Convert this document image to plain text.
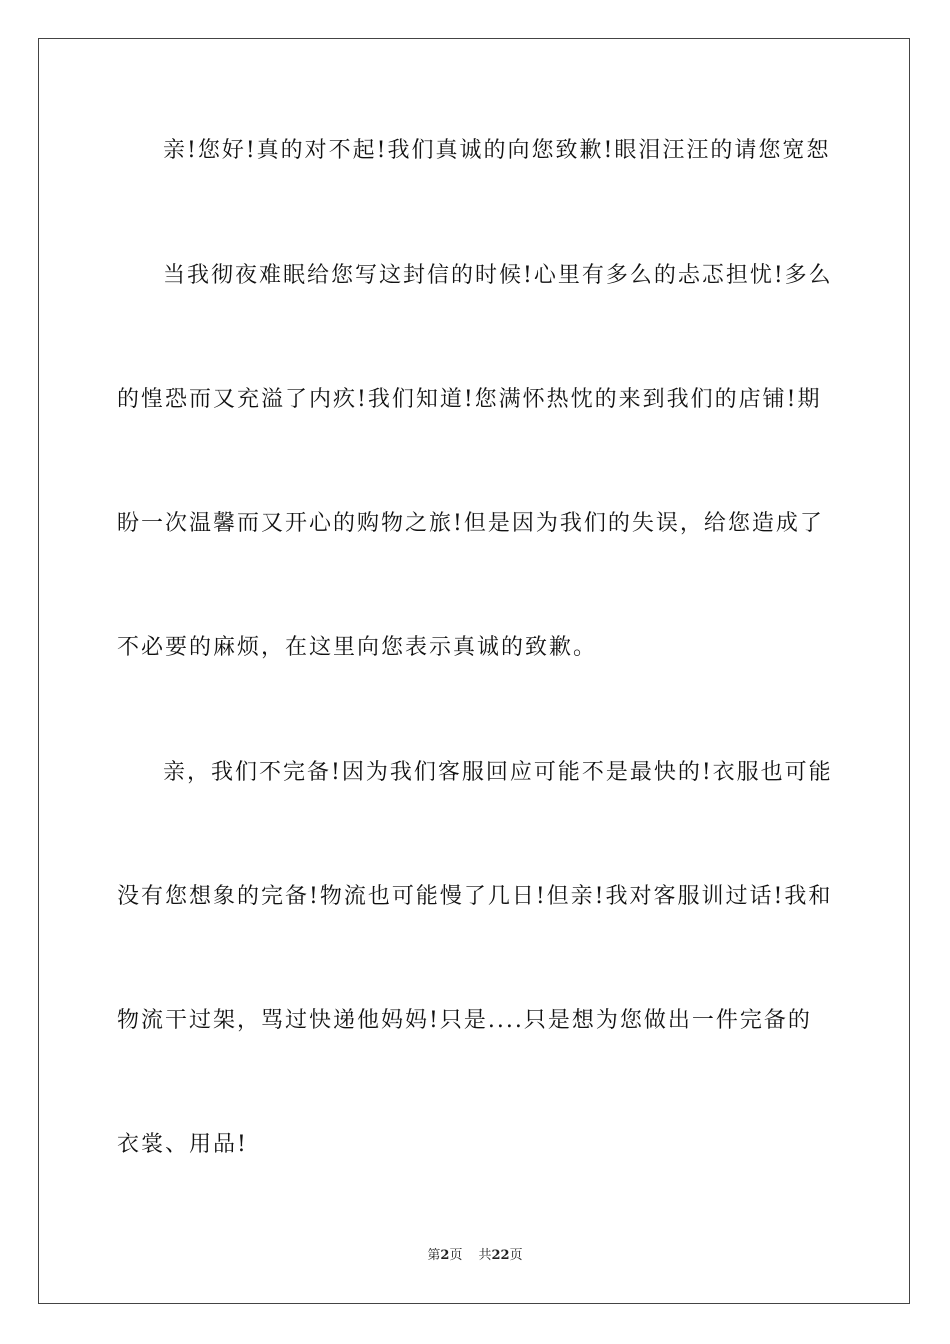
亲!您好!真的对不起!我们真诚的向您致歉!眼泪汪汪的请您宽恕
当我彻夜难眠给您写这封信的时候!心里有多么的忐忑担忧!多么
的惶恐而又充溢了内疚!我们知道!您满怀热忱的来到我们的店铺!期
盼一次温馨而又开心的购物之旅!但是因为我们的失误，给您造成了
不必要的麻烦，在这里向您表示真诚的致歉。
亲，我们不完备!因为我们客服回应可能不是最快的!衣服也可能
没有您想象的完备!物流也可能慢了几日!但亲!我对客服训过话!我和
物流干过架，骂过快递他妈妈!只是....只是想为您做出一件完备的
衣裳、用品!
第2页 共22页
